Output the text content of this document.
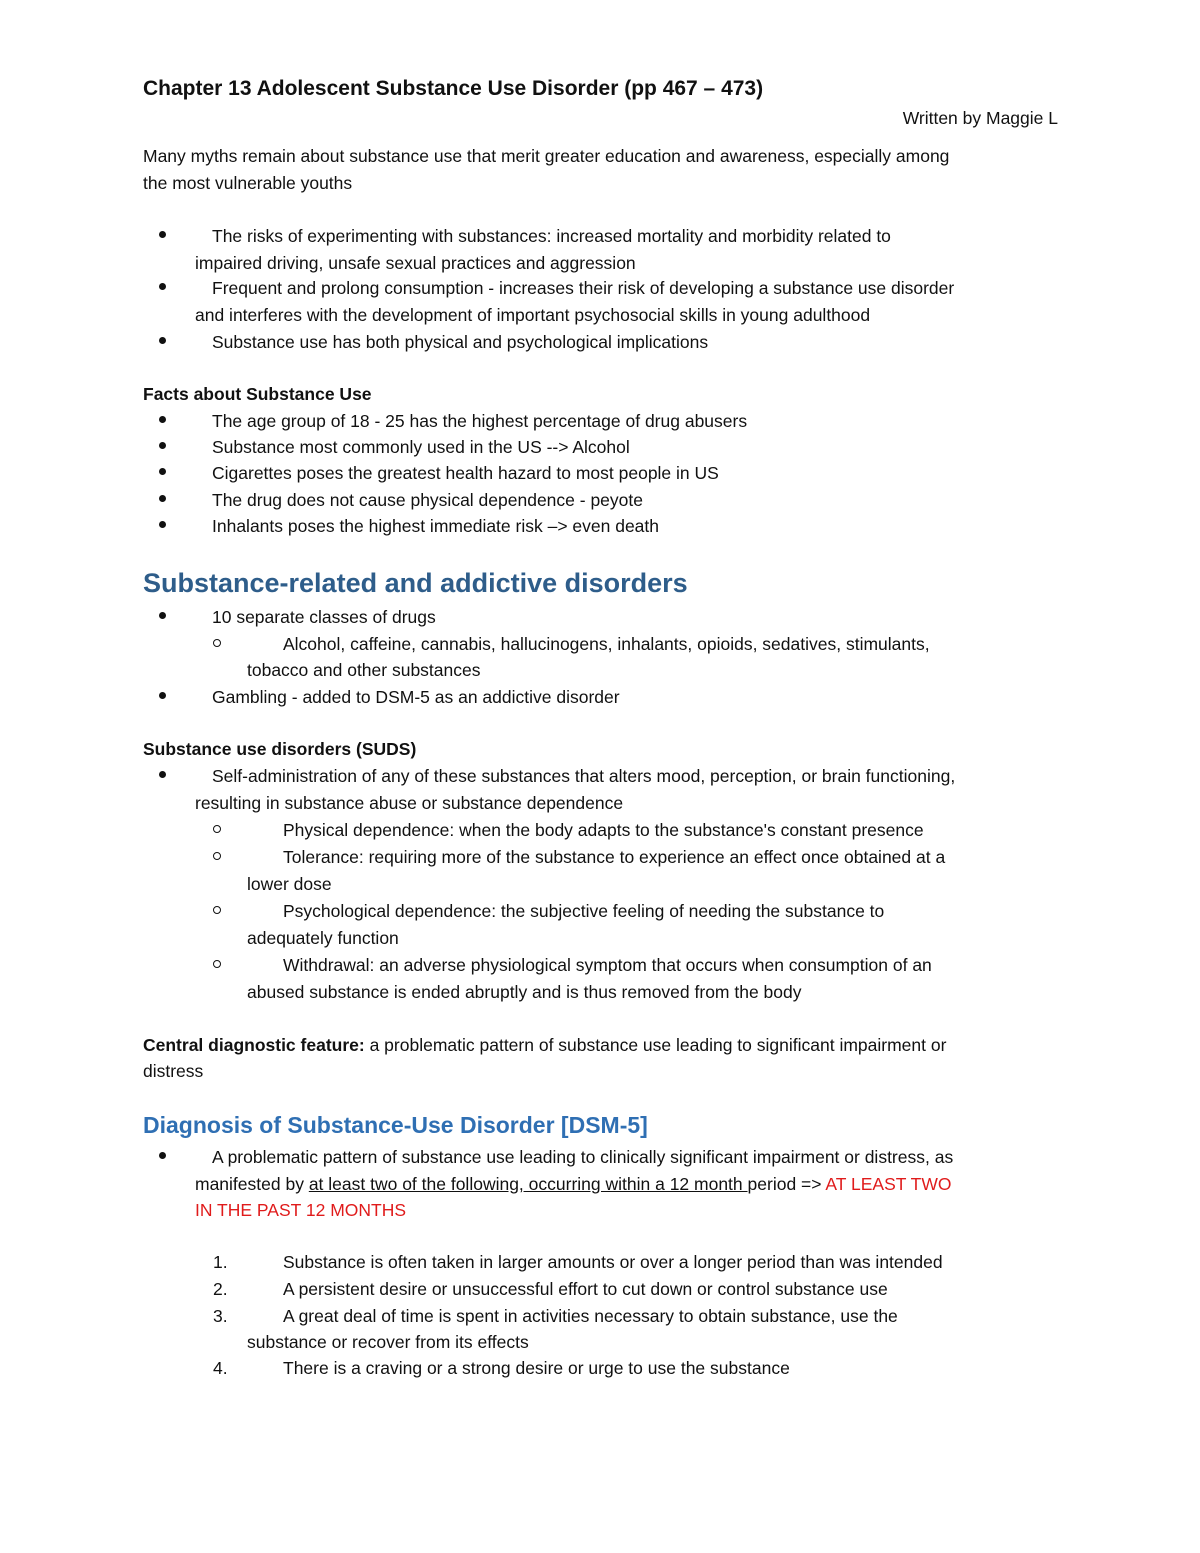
Chapter 13 Adolescent Substance Use Disorder (pp 467 – 473)
Written by Maggie L
Many myths remain about substance use that merit greater education and awareness, especially among
the most vulnerable youths
The risks of experimenting with substances: increased mortality and morbidity related to
impaired driving, unsafe sexual practices and aggression
Frequent and prolong consumption - increases their risk of developing a substance use disorder
and interferes with the development of important psychosocial skills in young adulthood
Substance use has both physical and psychological implications
Facts about Substance Use
The age group of 18 - 25 has the highest percentage of drug abusers
Substance most commonly used in the US --> Alcohol
Cigarettes poses the greatest health hazard to most people in US
The drug does not cause physical dependence - peyote
Inhalants poses the highest immediate risk –> even death
Substance-related and addictive disorders
10 separate classes of drugs
Alcohol, caffeine, cannabis, hallucinogens, inhalants, opioids, sedatives, stimulants,
tobacco and other substances
Gambling - added to DSM-5 as an addictive disorder
Substance use disorders (SUDS)
Self-administration of any of these substances that alters mood, perception, or brain functioning,
resulting in substance abuse or substance dependence
Physical dependence: when the body adapts to the substance's constant presence
Tolerance: requiring more of the substance to experience an effect once obtained at a
lower dose
Psychological dependence: the subjective feeling of needing the substance to
adequately function
Withdrawal: an adverse physiological symptom that occurs when consumption of an
abused substance is ended abruptly and is thus removed from the body
Central diagnostic feature: a problematic pattern of substance use leading to significant impairment or
distress
Diagnosis of Substance-Use Disorder [DSM-5]
A problematic pattern of substance use leading to clinically significant impairment or distress, as
manifested by at least two of the following, occurring within a 12 month period => AT LEAST TWO
IN THE PAST 12 MONTHS
1.	Substance is often taken in larger amounts or over a longer period than was intended
2.	A persistent desire or unsuccessful effort to cut down or control substance use
3.	A great deal of time is spent in activities necessary to obtain substance, use the
substance or recover from its effects
4.	There is a craving or a strong desire or urge to use the substance
